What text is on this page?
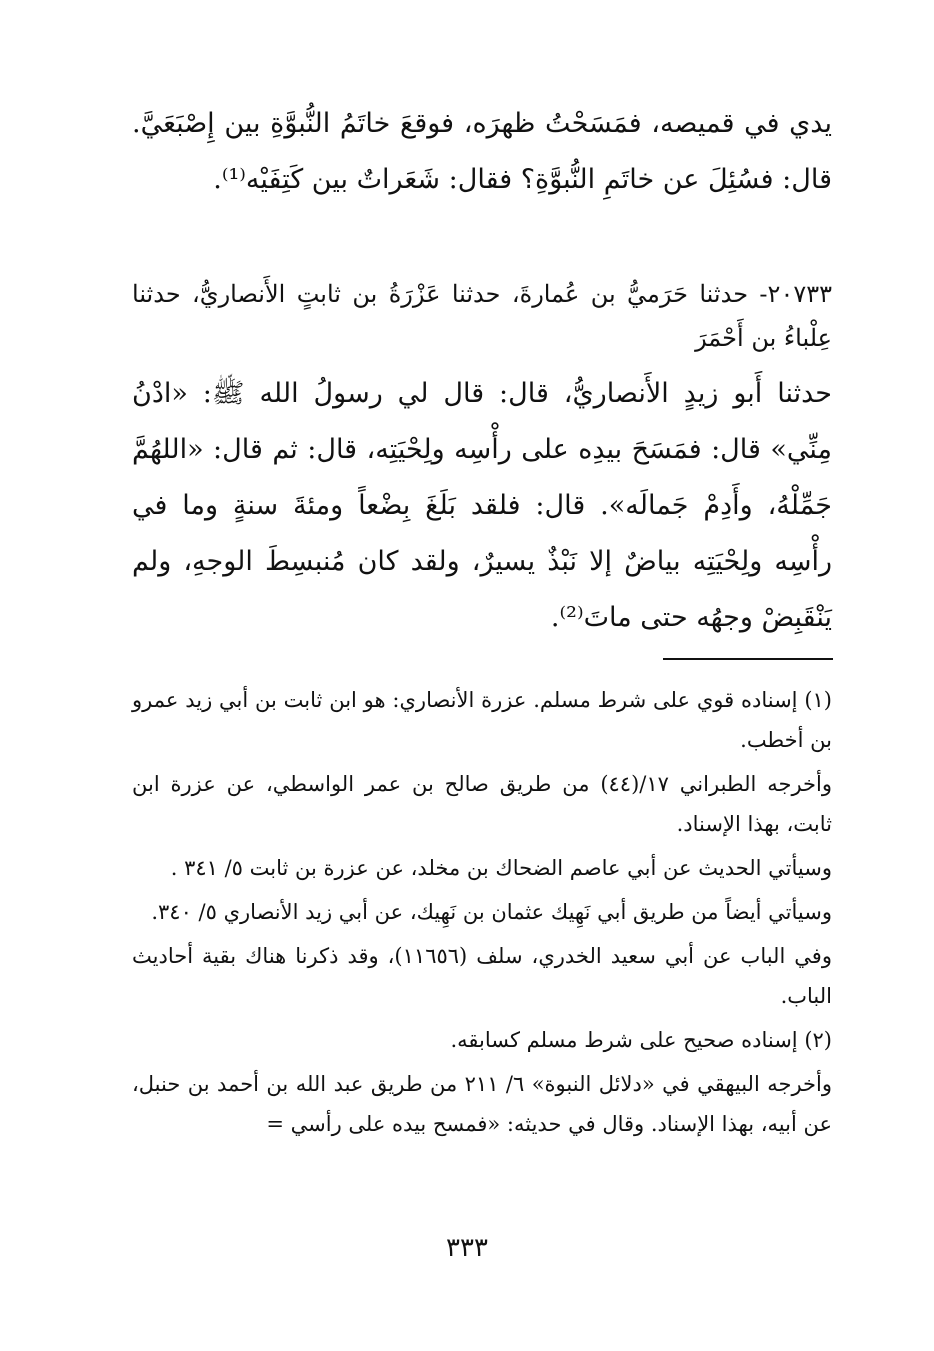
يدي في قميصه، فمَسَحْتُ ظهرَه، فوقعَ خاتَمُ النُّبوَّةِ بين إِصْبَعَيَّ. قال: فسُئِلَ عن خاتَمِ النُّبوَّةِ؟ فقال: شَعَراتٌ بين كَتِفَيْه⁽¹⁾.

٢٠٧٣٣- حدثنا حَرَميُّ بن عُمارةَ، حدثنا عَزْرَةُ بن ثابتٍ الأَنصاريُّ، حدثنا عِلْباءُ بن أَحْمَرَ

حدثنا أَبو زيدٍ الأَنصاريُّ، قال: قال لي رسولُ الله ﷺ: «ادْنُ مِنِّي» قال: فمَسَحَ بيدِه على رأْسِه ولِحْيَتِه، قال: ثم قال: «اللهُمَّ جَمِّلْهُ، وأَدِمْ جَمالَه». قال: فلقد بَلَغَ بِضْعاً ومئةَ سنةٍ وما في رأْسِه ولِحْيَتِه بياضٌ إلا نَبْذٌ يسيرٌ، ولقد كان مُنبسِطَ الوجهِ، ولم يَنْقَبِضْ وجهُه حتى ماتَ⁽²⁾.

(١) إسناده قوي على شرط مسلم. عزرة الأنصاري: هو ابن ثابت بن أبي زيد عمرو بن أخطب.

وأخرجه الطبراني ١٧/(٤٤) من طريق صالح بن عمر الواسطي، عن عزرة ابن ثابت، بهذا الإسناد.

وسيأتي الحديث عن أبي عاصم الضحاك بن مخلد، عن عزرة بن ثابت ٥/ ٣٤١ .

وسيأتي أيضاً من طريق أبي نَهِيك عثمان بن نَهِيك، عن أبي زيد الأنصاري ٥/ ٣٤٠.

وفي الباب عن أبي سعيد الخدري، سلف (١١٦٥٦)، وقد ذكرنا هناك بقية أحاديث الباب.

(٢) إسناده صحيح على شرط مسلم كسابقه.

وأخرجه البيهقي في «دلائل النبوة» ٦/ ٢١١ من طريق عبد الله بن أحمد بن حنبل، عن أبيه، بهذا الإسناد. وقال في حديثه: «فمسح بيده على رأسي =

٣٣٣
